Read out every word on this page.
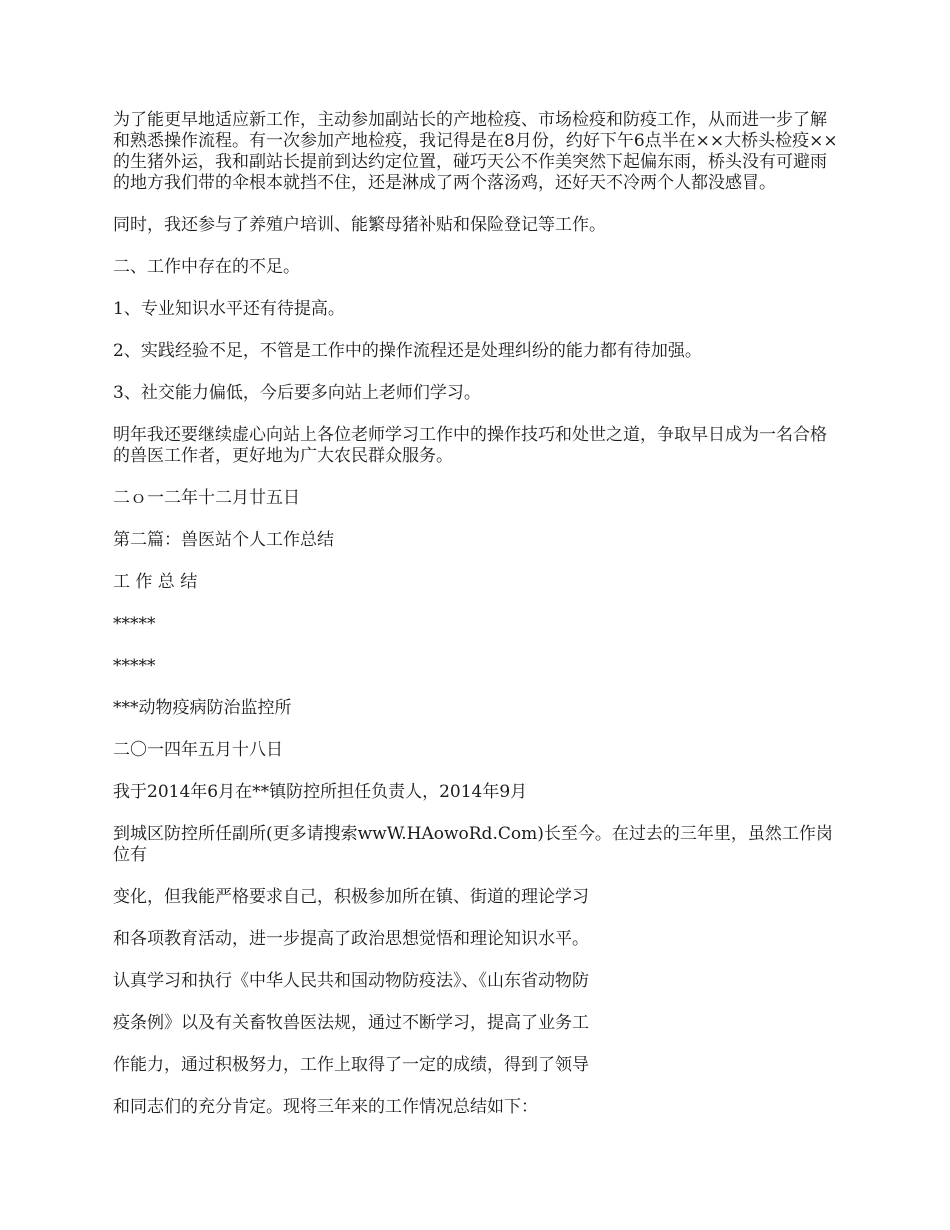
为了能更早地适应新工作，主动参加副站长的产地检疫、市场检疫和防疫工作，从而进一步了解和熟悉操作流程。有一次参加产地检疫，我记得是在8月份，约好下午6点半在××大桥头检疫××的生猪外运，我和副站长提前到达约定位置，碰巧天公不作美突然下起偏东雨，桥头没有可避雨的地方我们带的伞根本就挡不住，还是淋成了两个落汤鸡，还好天不冷两个人都没感冒。

同时，我还参与了养殖户培训、能繁母猪补贴和保险登记等工作。

二、工作中存在的不足。

1、专业知识水平还有待提高。

2、实践经验不足，不管是工作中的操作流程还是处理纠纷的能力都有待加强。

3、社交能力偏低，今后要多向站上老师们学习。

明年我还要继续虚心向站上各位老师学习工作中的操作技巧和处世之道，争取早日成为一名合格的兽医工作者，更好地为广大农民群众服务。

二ｏ一二年十二月廿五日

第二篇：兽医站个人工作总结

工 作 总 结

*****

*****

***动物疫病防治监控所

二〇一四年五月十八日

我于2014年6月在**镇防控所担任负责人，2014年9月

到城区防控所任副所(更多请搜索wwW.HAowoRd.Com)长至今。在过去的三年里，虽然工作岗位有

变化，但我能严格要求自己，积极参加所在镇、街道的理论学习

和各项教育活动，进一步提高了政治思想觉悟和理论知识水平。

认真学习和执行《中华人民共和国动物防疫法》、《山东省动物防

疫条例》以及有关畜牧兽医法规，通过不断学习，提高了业务工

作能力，通过积极努力，工作上取得了一定的成绩，得到了领导

和同志们的充分肯定。现将三年来的工作情况总结如下：
